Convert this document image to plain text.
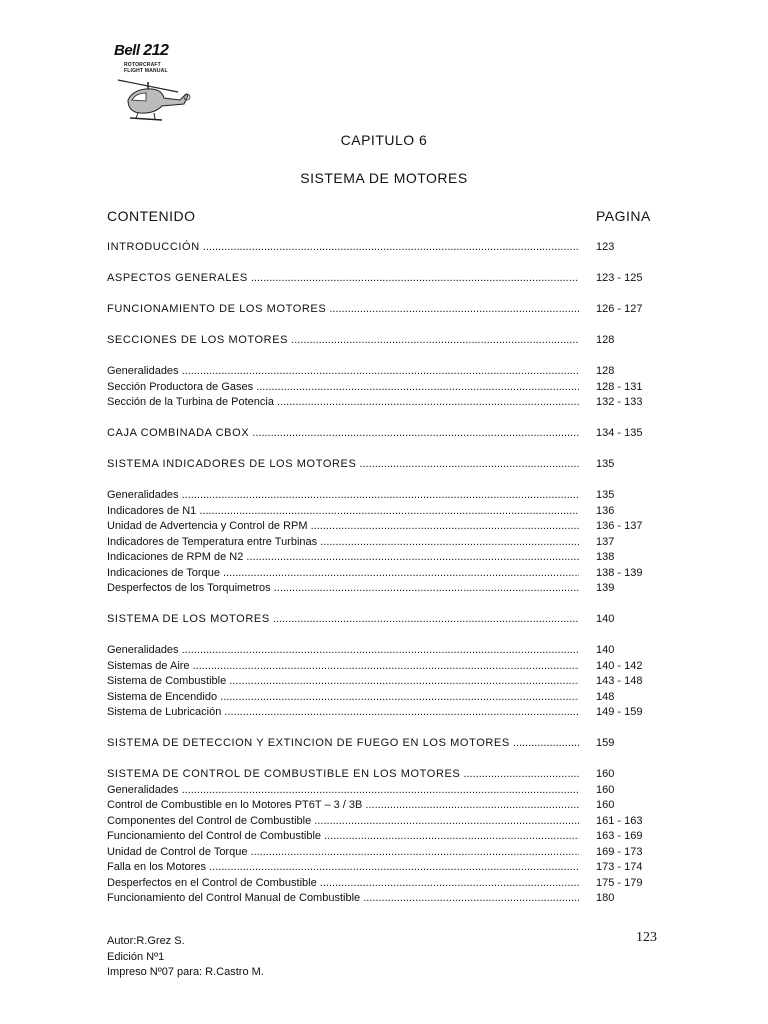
Bell 212
ROTORCRAFT
FLIGHT MANUAL
CAPITULO 6
SISTEMA DE MOTORES
CONTENIDO	PAGINA
INTRODUCCIÓN .....	123
ASPECTOS GENERALES .....	123 - 125
FUNCIONAMIENTO DE LOS MOTORES .....	126 - 127
SECCIONES DE LOS MOTORES .....	128
Generalidades .....	128
Sección Productora de Gases .....	128 - 131
Sección de la Turbina de Potencia .....	132 - 133
CAJA COMBINADA CBOX .....	134 - 135
SISTEMA INDICADORES DE LOS MOTORES .....	135
Generalidades .....	135
Indicadores de N1 .....	136
Unidad de Advertencia y Control de RPM .....	136 - 137
Indicadores de Temperatura entre Turbinas .....	137
Indicaciones de RPM de N2 .....	138
Indicaciones de Torque .....	138 - 139
Desperfectos de los Torquimetros .....	139
SISTEMA DE LOS MOTORES .....	140
Generalidades .....	140
Sistemas de Aire .....	140 - 142
Sistema de Combustible .....	143 - 148
Sistema de Encendido .....	148
Sistema de Lubricación .....	149 - 159
SISTEMA DE DETECCION Y EXTINCION DE FUEGO EN LOS MOTORES .....	159
SISTEMA DE CONTROL DE COMBUSTIBLE EN LOS MOTORES .....	160
Generalidades .....	160
Control de Combustible en lo Motores PT6T – 3 / 3B .....	160
Componentes del Control de Combustible .....	161 - 163
Funcionamiento del Control de Combustible .....	163 - 169
Unidad de Control de Torque .....	169 - 173
Falla en los Motores .....	173 - 174
Desperfectos en el Control de Combustible .....	175 - 179
Funcionamiento del Control Manual de Combustible .....	180
Autor:R.Grez S.
Edición Nº1
Impreso Nº07 para: R.Castro M.
123
